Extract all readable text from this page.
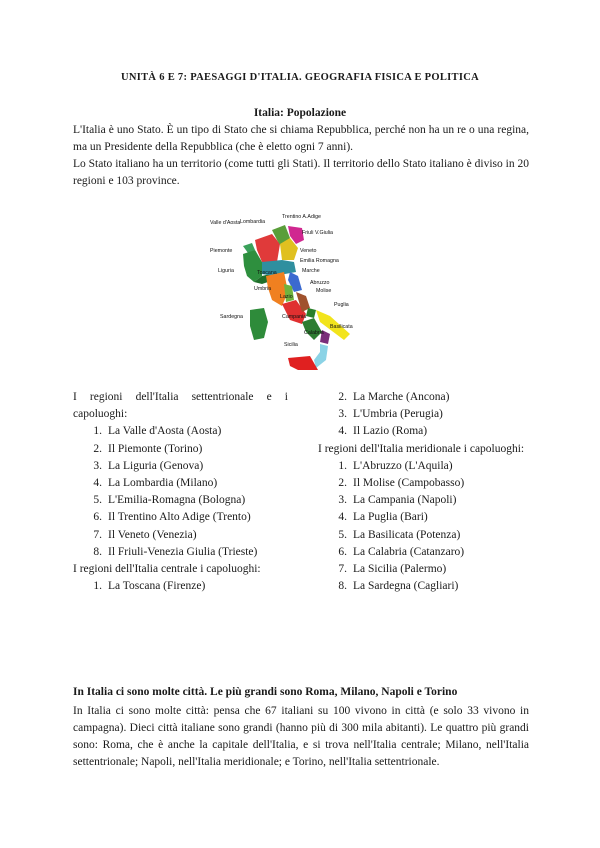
UNITÀ 6 E 7: PAESAGGI D'ITALIA. GEOGRAFIA FISICA E POLITICA
Italia: Popolazione
L'Italia è uno Stato. È un tipo di Stato che si chiama Repubblica, perché non ha un re o una regina, ma un Presidente della Repubblica (che è eletto ogni 7 anni).
Lo Stato italiano ha un territorio (come tutti gli Stati). Il territorio dello Stato italiano è diviso in 20 regioni e 103 province.
Valle d'Aosta Lombardia
Trentino A.Adige
Friuli V.Giulia
Piemonte	Veneto
Emilia Romagna
Liguria	Toscana	Marche
Abruzzo
Umbria	Molise
Lazio
Puglia
Sardegna	Campania
Basilicata
Calabria
Sicilia
I regioni dell'Italia settentrionale e i capoluoghi:
1. La Valle d'Aosta (Aosta)
2. Il Piemonte (Torino)
3. La Liguria (Genova)
4. La Lombardia (Milano)
5. L'Emilia-Romagna (Bologna)
6. Il Trentino Alto Adige (Trento)
7. Il Veneto (Venezia)
8. Il Friuli-Venezia Giulia (Trieste)
I regioni dell'Italia centrale i capoluoghi:
1. La Toscana (Firenze)
2. La Marche (Ancona)
3. L'Umbria (Perugia)
4. Il Lazio (Roma)
I regioni dell'Italia meridionale i capoluoghi:
1. L'Abruzzo (L'Aquila)
2. Il Molise (Campobasso)
3. La Campania (Napoli)
4. La Puglia (Bari)
5. La Basilicata (Potenza)
6. La Calabria (Catanzaro)
7. La Sicilia (Palermo)
8. La Sardegna (Cagliari)
In Italia ci sono molte città. Le più grandi sono Roma, Milano, Napoli e Torino
In Italia ci sono molte città: pensa che 67 italiani su 100 vivono in città (e solo 33 vivono in campagna). Dieci città italiane sono grandi (hanno più di 300 mila abitanti). Le quattro più grandi sono: Roma, che è anche la capitale dell'Italia, e si trova nell'Italia centrale; Milano, nell'Italia settentrionale; Napoli, nell'Italia meridionale; e Torino, nell'Italia settentrionale.
